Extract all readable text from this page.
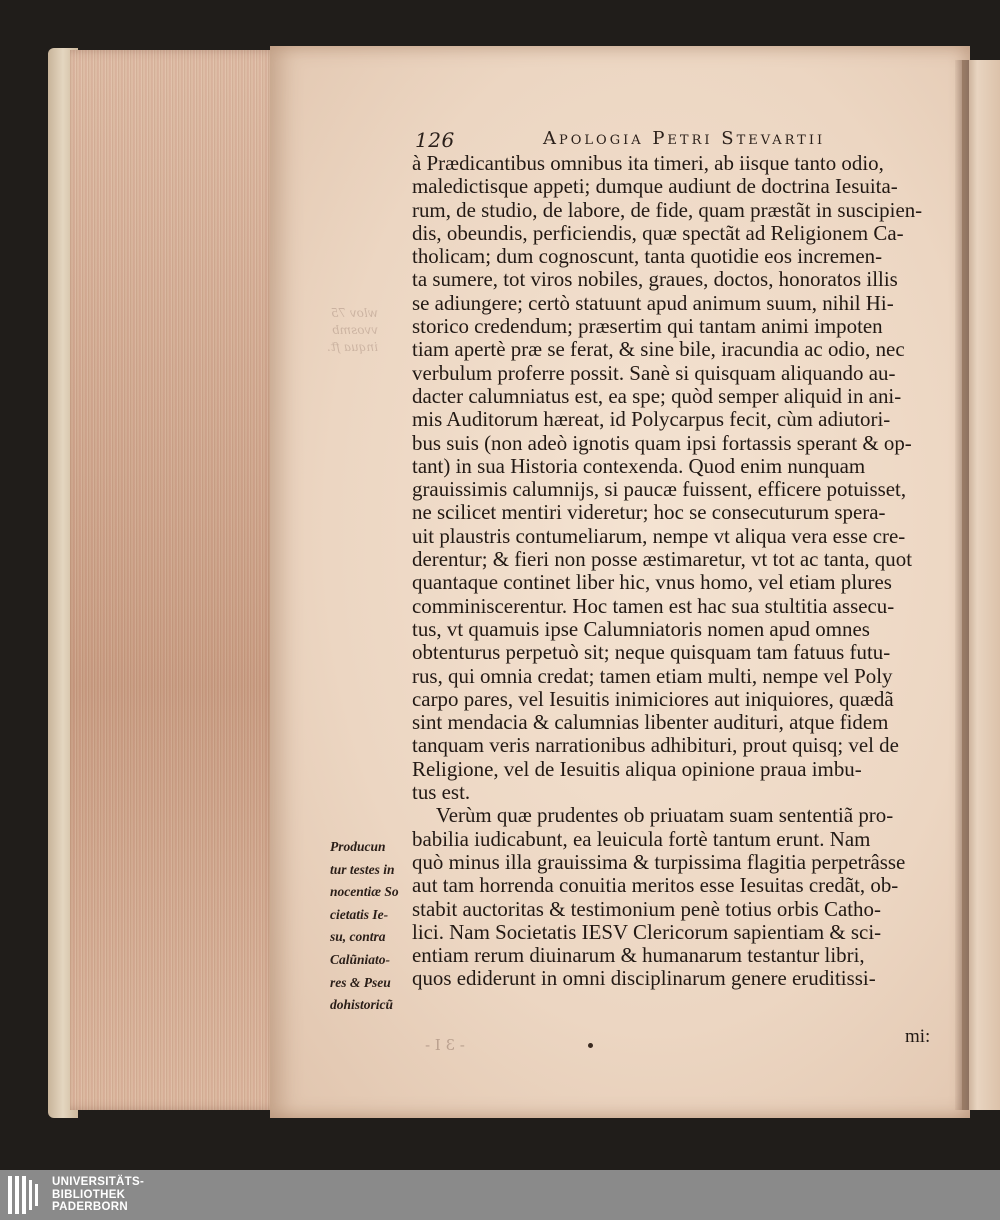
wlov 75
vvosmb
inqua ft.
126	Apologia Petri Stevartii
à Prædicantibus omnibus ita timeri, ab iisque tanto odio,
maledictisque appeti; dumque audiunt de doctrina Iesuita-
rum, de studio, de labore, de fide, quam præstãt in suscipien-
dis, obeundis, perficiendis, quæ spectãt ad Religionem Ca-
tholicam; dum cognoscunt, tanta quotidie eos incremen-
ta sumere, tot viros nobiles, graues, doctos, honoratos illis
se adiungere; certò statuunt apud animum suum, nihil Hi-
storico credendum; præsertim qui tantam animi impoten
tiam apertè præ se ferat, & sine bile, iracundia ac odio, nec
verbulum proferre possit. Sanè si quisquam aliquando au-
dacter calumniatus est, ea spe; quòd semper aliquid in ani-
mis Auditorum hæreat, id Polycarpus fecit, cùm adiutori-
bus suis (non adeò ignotis quam ipsi fortassis sperant & op-
tant) in sua Historia contexenda. Quod enim nunquam
grauissimis calumnijs, si paucæ fuissent, efficere potuisset,
ne scilicet mentiri videretur; hoc se consecuturum spera-
uit plaustris contumeliarum, nempe vt aliqua vera esse cre-
derentur; & fieri non posse æstimaretur, vt tot ac tanta, quot
quantaque continet liber hic, vnus homo, vel etiam plures
comminiscerentur. Hoc tamen est hac sua stultitia assecu-
tus, vt quamuis ipse Calumniatoris nomen apud omnes
obtenturus perpetuò sit; neque quisquam tam fatuus futu-
rus, qui omnia credat; tamen etiam multi, nempe vel Poly
carpo pares, vel Iesuitis inimiciores aut iniquiores, quædã
sint mendacia & calumnias libenter audituri, atque fidem
tanquam veris narrationibus adhibituri, prout quisq; vel de
Religione, vel de Iesuitis aliqua opinione praua imbu-
tus est.
Verùm quæ prudentes ob priuatam suam sententiã pro-
babilia iudicabunt, ea leuicula fortè tantum erunt. Nam
quò minus illa grauissima & turpissima flagitia perpetrâsse
aut tam horrenda conuitia meritos esse Iesuitas credãt, ob-
stabit auctoritas & testimonium penè totius orbis Catho-
lici. Nam Societatis IESV Clericorum sapientiam & sci-
entiam rerum diuinarum & humanarum testantur libri,
quos ediderunt in omni disciplinarum genere eruditissi-
Producun
tur testes in
nocentiæ So
cietatis Ie-
su, contra
Calũniato-
res & Pseu
dohistoricũ
- 3 I -	mi:
UNIVERSITÄTS-
BIBLIOTHEK
PADERBORN
